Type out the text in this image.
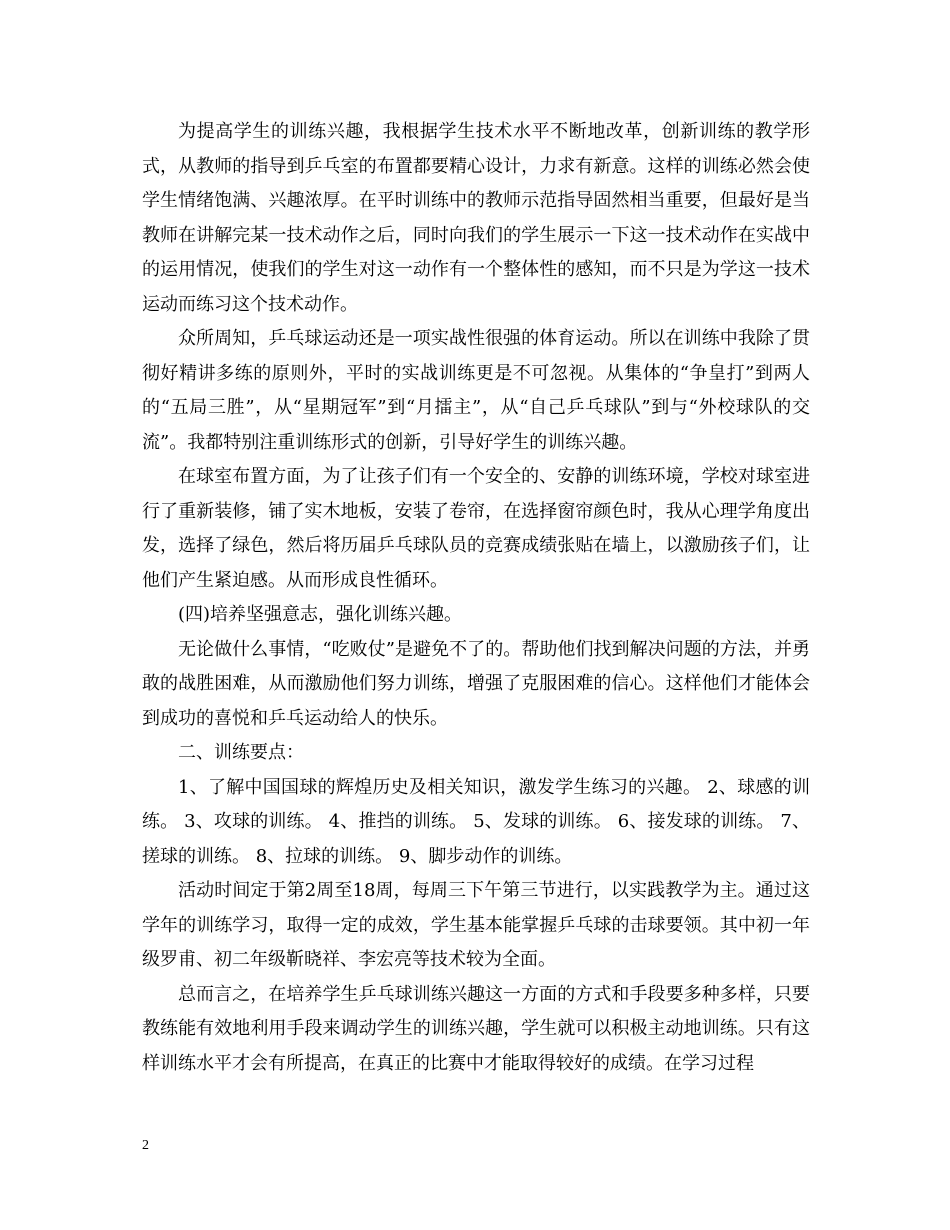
为提高学生的训练兴趣，我根据学生技术水平不断地改革，创新训练的教学形式，从教师的指导到乒乓室的布置都要精心设计，力求有新意。这样的训练必然会使学生情绪饱满、兴趣浓厚。在平时训练中的教师示范指导固然相当重要，但最好是当教师在讲解完某一技术动作之后，同时向我们的学生展示一下这一技术动作在实战中的运用情况，使我们的学生对这一动作有一个整体性的感知，而不只是为学这一技术运动而练习这个技术动作。

众所周知，乒乓球运动还是一项实战性很强的体育运动。所以在训练中我除了贯彻好精讲多练的原则外，平时的实战训练更是不可忽视。从集体的“争皇打”到两人的“五局三胜”，从“星期冠军”到“月擂主”，从“自己乒乓球队”到与“外校球队的交流”。我都特别注重训练形式的创新，引导好学生的训练兴趣。

在球室布置方面，为了让孩子们有一个安全的、安静的训练环境，学校对球室进行了重新装修，铺了实木地板，安装了卷帘，在选择窗帘颜色时，我从心理学角度出发，选择了绿色，然后将历届乒乓球队员的竞赛成绩张贴在墙上，以激励孩子们，让他们产生紧迫感。从而形成良性循环。

(四)培养坚强意志，强化训练兴趣。

无论做什么事情，“吃败仗”是避免不了的。帮助他们找到解决问题的方法，并勇敢的战胜困难，从而激励他们努力训练，增强了克服困难的信心。这样他们才能体会到成功的喜悦和乒乓运动给人的快乐。

二、训练要点：

1、了解中国国球的辉煌历史及相关知识，激发学生练习的兴趣。 2、球感的训练。 3、攻球的训练。 4、推挡的训练。 5、发球的训练。 6、接发球的训练。 7、搓球的训练。 8、拉球的训练。 9、脚步动作的训练。

活动时间定于第2周至18周，每周三下午第三节进行，以实践教学为主。通过这学年的训练学习，取得一定的成效，学生基本能掌握乒乓球的击球要领。其中初一年级罗甫、初二年级靳晓祥、李宏亮等技术较为全面。

总而言之，在培养学生乒乓球训练兴趣这一方面的方式和手段要多种多样，只要教练能有效地利用手段来调动学生的训练兴趣，学生就可以积极主动地训练。只有这样训练水平才会有所提高，在真正的比赛中才能取得较好的成绩。在学习过程

2
